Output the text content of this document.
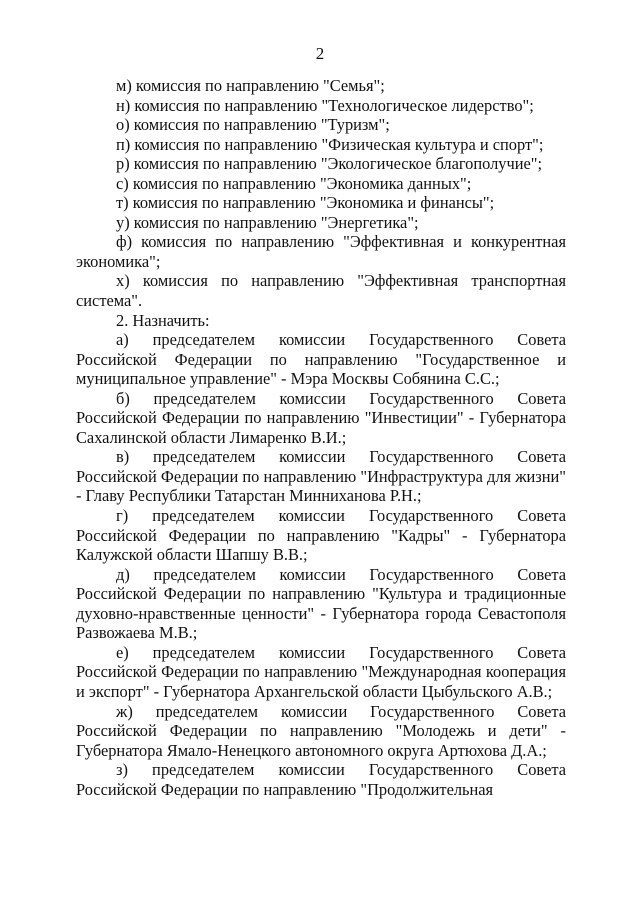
2

м) комиссия по направлению "Семья";

н) комиссия по направлению "Технологическое лидерство";

о) комиссия по направлению "Туризм";

п) комиссия по направлению "Физическая культура и спорт";

р) комиссия по направлению "Экологическое благополучие";

с) комиссия по направлению "Экономика данных";

т) комиссия по направлению "Экономика и финансы";

у) комиссия по направлению "Энергетика";

ф) комиссия по направлению "Эффективная и конкурентная экономика";

х) комиссия по направлению "Эффективная транспортная система".

2. Назначить:

а) председателем комиссии Государственного Совета Российской Федерации по направлению "Государственное и муниципальное управление" - Мэра Москвы Собянина С.С.;

б) председателем комиссии Государственного Совета Российской Федерации по направлению "Инвестиции" - Губернатора Сахалинской области Лимаренко В.И.;

в) председателем комиссии Государственного Совета Российской Федерации по направлению "Инфраструктура для жизни" - Главу Республики Татарстан Минниханова Р.Н.;

г) председателем комиссии Государственного Совета Российской Федерации по направлению "Кадры" - Губернатора Калужской области Шапшу В.В.;

д) председателем комиссии Государственного Совета Российской Федерации по направлению "Культура и традиционные духовно-нравственные ценности" - Губернатора города Севастополя Развожаева М.В.;

е) председателем комиссии Государственного Совета Российской Федерации по направлению "Международная кооперация и экспорт" - Губернатора Архангельской области Цыбульского А.В.;

ж) председателем комиссии Государственного Совета Российской Федерации по направлению "Молодежь и дети" - Губернатора Ямало-Ненецкого автономного округа Артюхова Д.А.;

з) председателем комиссии Государственного Совета Российской Федерации по направлению "Продолжительная
